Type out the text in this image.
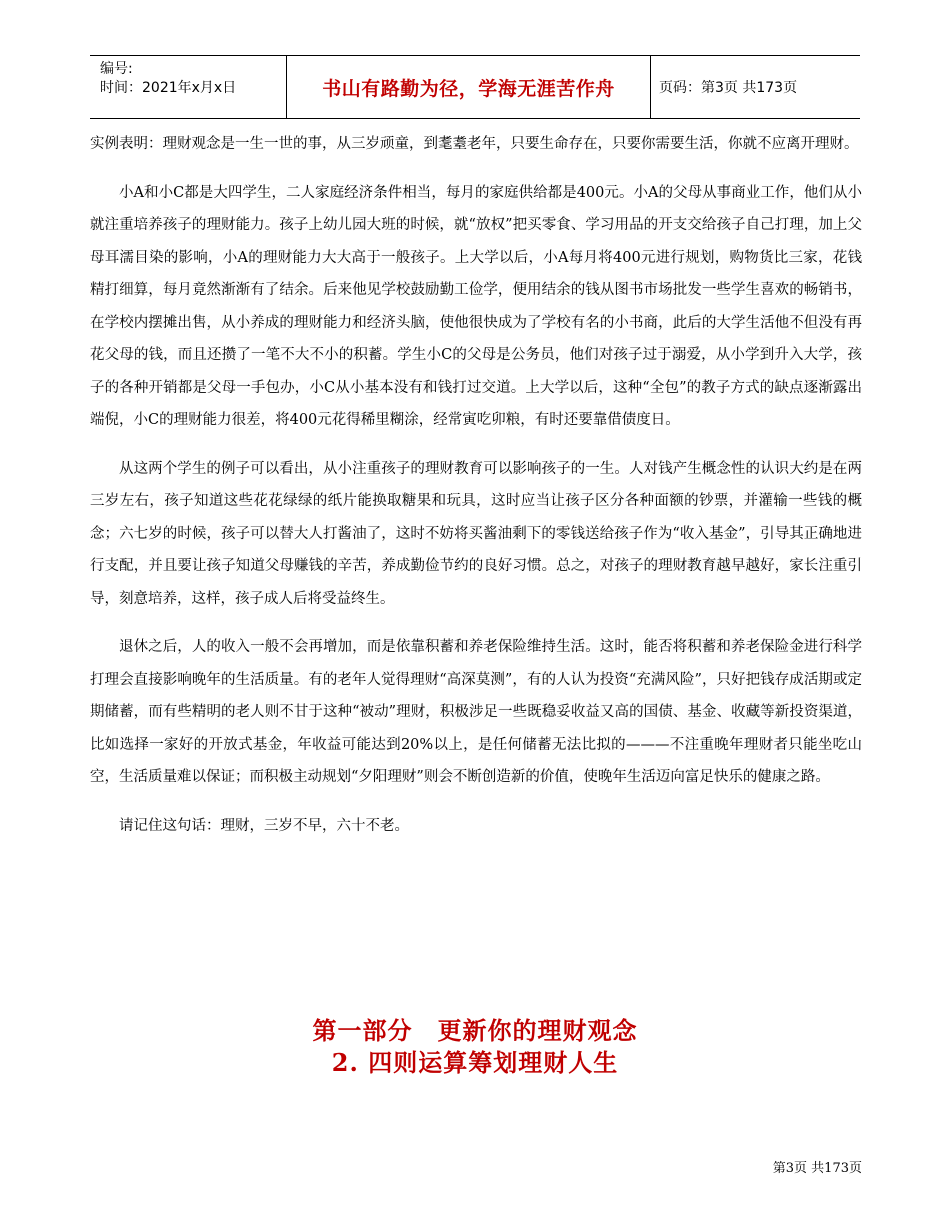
编号:
时间：2021年x月x日	书山有路勤为径，学海无涯苦作舟	页码：第3页 共173页

实例表明：理财观念是一生一世的事，从三岁顽童，到耄耋老年，只要生命存在，只要你需要生活，你就不应离开理财。

小A和小C都是大四学生，二人家庭经济条件相当，每月的家庭供给都是400元。小A的父母从事商业工作，他们从小就注重培养孩子的理财能力。孩子上幼儿园大班的时候，就“放权”把买零食、学习用品的开支交给孩子自己打理，加上父母耳濡目染的影响，小A的理财能力大大高于一般孩子。上大学以后，小A每月将400元进行规划，购物货比三家，花钱精打细算，每月竟然渐渐有了结余。后来他见学校鼓励勤工俭学，便用结余的钱从图书市场批发一些学生喜欢的畅销书，在学校内摆摊出售，从小养成的理财能力和经济头脑，使他很快成为了学校有名的小书商，此后的大学生活他不但没有再花父母的钱，而且还攒了一笔不大不小的积蓄。学生小C的父母是公务员，他们对孩子过于溺爱，从小学到升入大学，孩子的各种开销都是父母一手包办，小C从小基本没有和钱打过交道。上大学以后，这种“全包”的教子方式的缺点逐渐露出端倪，小C的理财能力很差，将400元花得稀里糊涂，经常寅吃卯粮，有时还要靠借债度日。

从这两个学生的例子可以看出，从小注重孩子的理财教育可以影响孩子的一生。人对钱产生概念性的认识大约是在两三岁左右，孩子知道这些花花绿绿的纸片能换取糖果和玩具，这时应当让孩子区分各种面额的钞票，并灌输一些钱的概念；六七岁的时候，孩子可以替大人打酱油了，这时不妨将买酱油剩下的零钱送给孩子作为“收入基金”，引导其正确地进行支配，并且要让孩子知道父母赚钱的辛苦，养成勤俭节约的良好习惯。总之，对孩子的理财教育越早越好，家长注重引导，刻意培养，这样，孩子成人后将受益终生。

退休之后，人的收入一般不会再增加，而是依靠积蓄和养老保险维持生活。这时，能否将积蓄和养老保险金进行科学打理会直接影响晚年的生活质量。有的老年人觉得理财“高深莫测”，有的人认为投资“充满风险”，只好把钱存成活期或定期储蓄，而有些精明的老人则不甘于这种“被动”理财，积极涉足一些既稳妥收益又高的国债、基金、收藏等新投资渠道，比如选择一家好的开放式基金，年收益可能达到20%以上，是任何储蓄无法比拟的———不注重晚年理财者只能坐吃山空，生活质量难以保证；而积极主动规划“夕阳理财”则会不断创造新的价值，使晚年生活迈向富足快乐的健康之路。

请记住这句话：理财，三岁不早，六十不老。

第一部分　更新你的理财观念
2. 四则运算筹划理财人生
第3页 共173页
